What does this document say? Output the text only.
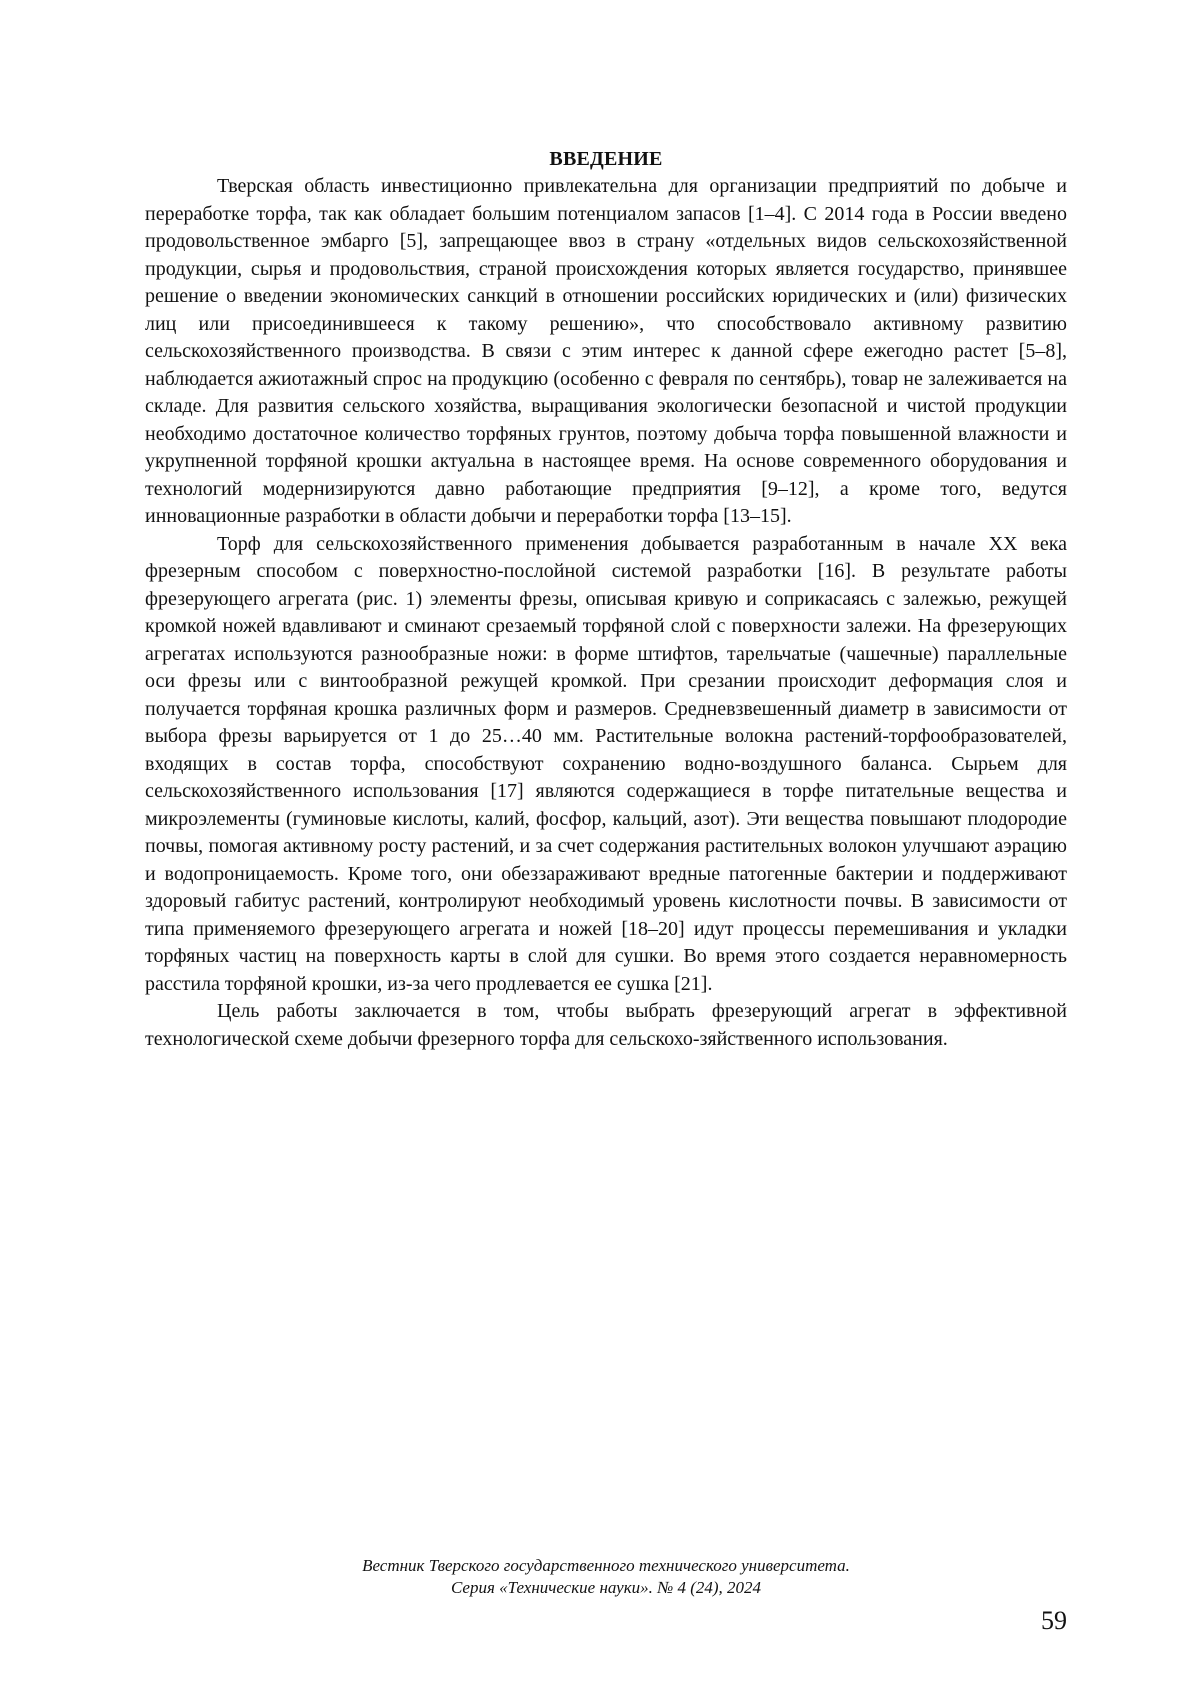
ВВЕДЕНИЕ

Тверская область инвестиционно привлекательна для организации предприятий по добыче и переработке торфа, так как обладает большим потенциалом запасов [1–4]. С 2014 года в России введено продовольственное эмбарго [5], запрещающее ввоз в страну «отдельных видов сельскохозяйственной продукции, сырья и продовольствия, страной происхождения которых является государство, принявшее решение о введении экономических санкций в отношении российских юридических и (или) физических лиц или присоединившееся к такому решению», что способствовало активному развитию сельскохозяйственного производства. В связи с этим интерес к данной сфере ежегодно растет [5–8], наблюдается ажиотажный спрос на продукцию (особенно с февраля по сентябрь), товар не залеживается на складе. Для развития сельского хозяйства, выращивания экологически безопасной и чистой продукции необходимо достаточное количество торфяных грунтов, поэтому добыча торфа повышенной влажности и укрупненной торфяной крошки актуальна в настоящее время. На основе современного оборудования и технологий модернизируются давно работающие предприятия [9–12], а кроме того, ведутся инновационные разработки в области добычи и переработки торфа [13–15].

Торф для сельскохозяйственного применения добывается разработанным в начале XX века фрезерным способом с поверхностно-послойной системой разработки [16]. В результате работы фрезерующего агрегата (рис. 1) элементы фрезы, описывая кривую и соприкасаясь с залежью, режущей кромкой ножей вдавливают и сминают срезаемый торфяной слой с поверхности залежи. На фрезерующих агрегатах используются разнообразные ножи: в форме штифтов, тарельчатые (чашечные) параллельные оси фрезы или с винтообразной режущей кромкой. При срезании происходит деформация слоя и получается торфяная крошка различных форм и размеров. Средневзвешенный диаметр в зависимости от выбора фрезы варьируется от 1 до 25…40 мм. Растительные волокна растений-торфообразователей, входящих в состав торфа, способствуют сохранению водно-воздушного баланса. Сырьем для сельскохозяйственного использования [17] являются содержащиеся в торфе питательные вещества и микроэлементы (гуминовые кислоты, калий, фосфор, кальций, азот). Эти вещества повышают плодородие почвы, помогая активному росту растений, и за счет содержания растительных волокон улучшают аэрацию и водопроницаемость. Кроме того, они обеззараживают вредные патогенные бактерии и поддерживают здоровый габитус растений, контролируют необходимый уровень кислотности почвы. В зависимости от типа применяемого фрезерующего агрегата и ножей [18–20] идут процессы перемешивания и укладки торфяных частиц на поверхность карты в слой для сушки. Во время этого создается неравномерность расстила торфяной крошки, из-за чего продлевается ее сушка [21].

Цель работы заключается в том, чтобы выбрать фрезерующий агрегат в эффективной технологической схеме добычи фрезерного торфа для сельскохо-зяйственного использования.

Вестник Тверского государственного технического университета.
Серия «Технические науки». № 4 (24), 2024
59
